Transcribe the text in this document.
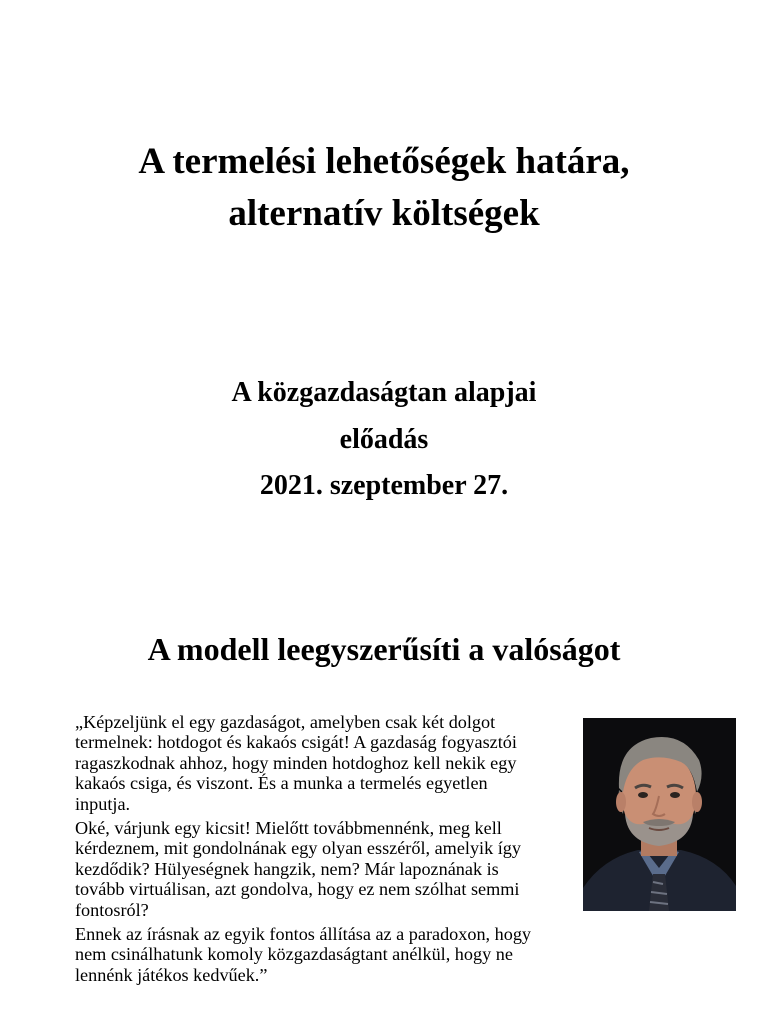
A termelési lehetőségek határa,
alternatív költségek

A közgazdaságtan alapjai

előadás

2021. szeptember 27.

A modell leegyszerűsíti a valóságot

„Képzeljünk el egy gazdaságot, amelyben csak két dolgot termelnek: hotdogot és kakaós csigát! A gazdaság fogyasztói ragaszkodnak ahhoz, hogy minden hotdoghoz kell nekik egy kakaós csiga, és viszont. És a munka a termelés egyetlen inputja.

Oké, várjunk egy kicsit! Mielőtt továbbmennénk, meg kell kérdeznem, mit gondolnának egy olyan esszéről, amelyik így kezdődik? Hülyeségnek hangzik, nem? Már lapoznának is tovább virtuálisan, azt gondolva, hogy ez nem szólhat semmi fontosról?

Ennek az írásnak az egyik fontos állítása az a paradoxon, hogy nem csinálhatunk komoly közgazdaságtant anélkül, hogy ne lennénk játékos kedvűek.”
